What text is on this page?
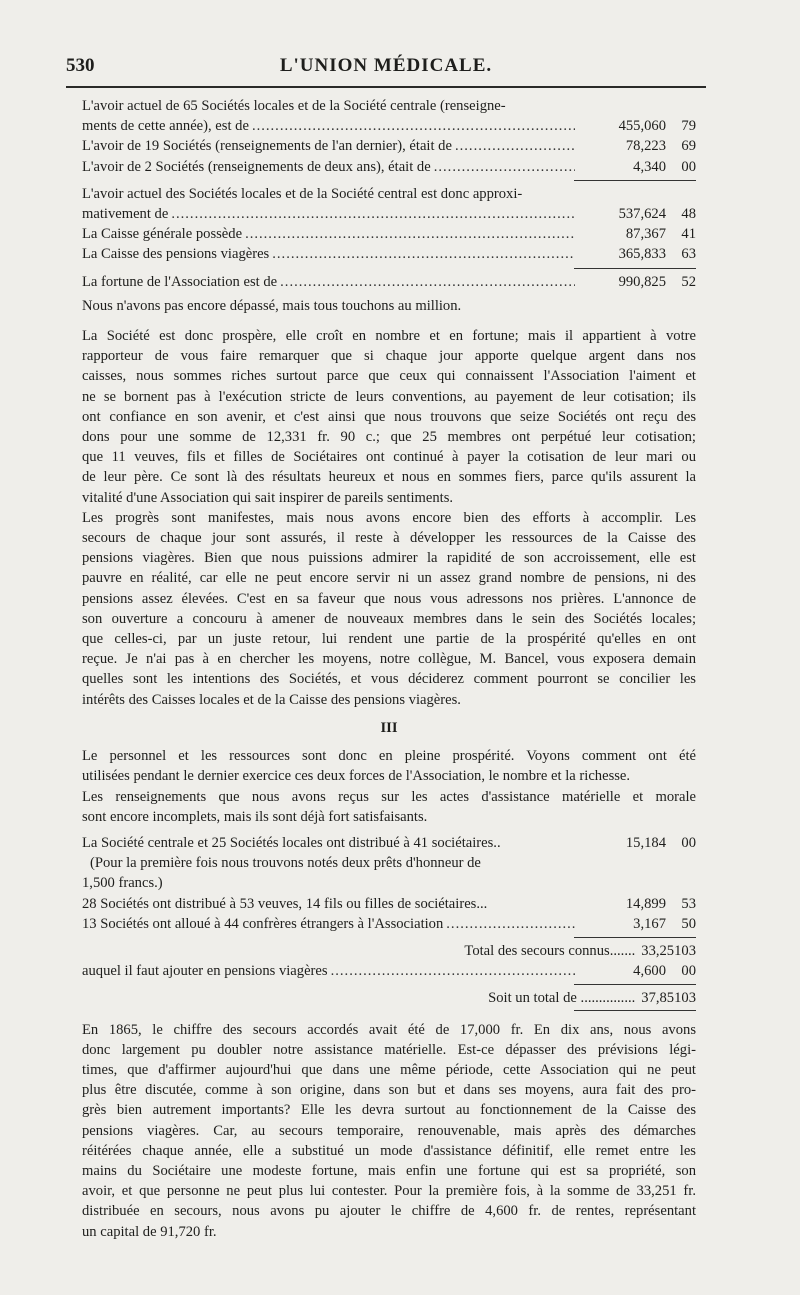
530	L'UNION MÉDICALE.
L'avoir actuel de 65 Sociétés locales et de la Société centrale (renseigne-
ments de cette année), est de .....	455,060	79
L'avoir de 19 Sociétés (renseignements de l'an dernier), était de .....	78,223	69
L'avoir de 2 Sociétés (renseignements de deux ans), était de .....	4,340	00
L'avoir actuel des Sociétés locales et de la Société central est donc approxi-
mativement de .....	537,624	48
La Caisse générale possède .....	87,367	41
La Caisse des pensions viagères .....	365,833	63
La fortune de l'Association est de .....	990,825	52
Nous n'avons pas encore dépassé, mais tous touchons au million.

La Société est donc prospère, elle croît en nombre et en fortune; mais il appartient à votre
rapporteur de vous faire remarquer que si chaque jour apporte quelque argent dans nos
caisses, nous sommes riches surtout parce que ceux qui connaissent l'Association l'aiment et
ne se bornent pas à l'exécution stricte de leurs conventions, au payement de leur cotisation; ils
ont confiance en son avenir, et c'est ainsi que nous trouvons que seize Sociétés ont reçu des
dons pour une somme de 12,331 fr. 90 c.; que 25 membres ont perpétué leur cotisation;
que 11 veuves, fils et filles de Sociétaires ont continué à payer la cotisation de leur mari ou
de leur père. Ce sont là des résultats heureux et nous en sommes fiers, parce qu'ils assurent la
vitalité d'une Association qui sait inspirer de pareils sentiments.

Les progrès sont manifestes, mais nous avons encore bien des efforts à accomplir. Les
secours de chaque jour sont assurés, il reste à développer les ressources de la Caisse des
pensions viagères. Bien que nous puissions admirer la rapidité de son accroissement, elle est
pauvre en réalité, car elle ne peut encore servir ni un assez grand nombre de pensions, ni des
pensions assez élevées. C'est en sa faveur que nous vous adressons nos prières. L'annonce de
son ouverture a concouru à amener de nouveaux membres dans le sein des Sociétés locales;
que celles-ci, par un juste retour, lui rendent une partie de la prospérité qu'elles en ont
reçue. Je n'ai pas à en chercher les moyens, notre collègue, M. Bancel, vous exposera demain
quelles sont les intentions des Sociétés, et vous déciderez comment pourront se concilier les
intérêts des Caisses locales et de la Caisse des pensions viagères.

III

Le personnel et les ressources sont donc en pleine prospérité. Voyons comment ont été
utilisées pendant le dernier exercice ces deux forces de l'Association, le nombre et la richesse.

Les renseignements que nous avons reçus sur les actes d'assistance matérielle et morale
sont encore incomplets, mais ils sont déjà fort satisfaisants.

La Société centrale et 25 Sociétés locales ont distribué à 41 sociétaires..	15,184	00
(Pour la première fois nous trouvons notés deux prêts d'honneur de
1,500 francs.)
28 Sociétés ont distribué à 53 veuves, 14 fils ou filles de sociétaires...	14,899	53
13 Sociétés ont alloué à 44 confrères étrangers à l'Association .....	3,167	50
Total des secours connus....... 33,251 03
auquel il faut ajouter en pensions viagères .....	4,600	00
Soit un total de ............... 37,851 03

En 1865, le chiffre des secours accordés avait été de 17,000 fr. En dix ans, nous avons
donc largement pu doubler notre assistance matérielle. Est-ce dépasser des prévisions légi-
times, que d'affirmer aujourd'hui que dans une même période, cette Association qui ne peut
plus être discutée, comme à son origine, dans son but et dans ses moyens, aura fait des pro-
grès bien autrement importants? Elle les devra surtout au fonctionnement de la Caisse des
pensions viagères. Car, au secours temporaire, renouvenable, mais après des démarches
réitérées chaque année, elle a substitué un mode d'assistance définitif, elle remet entre les
mains du Sociétaire une modeste fortune, mais enfin une fortune qui est sa propriété, son
avoir, et que personne ne peut plus lui contester. Pour la première fois, à la somme de 33,251 fr.
distribuée en secours, nous avons pu ajouter le chiffre de 4,600 fr. de rentes, représentant
un capital de 91,720 fr.
